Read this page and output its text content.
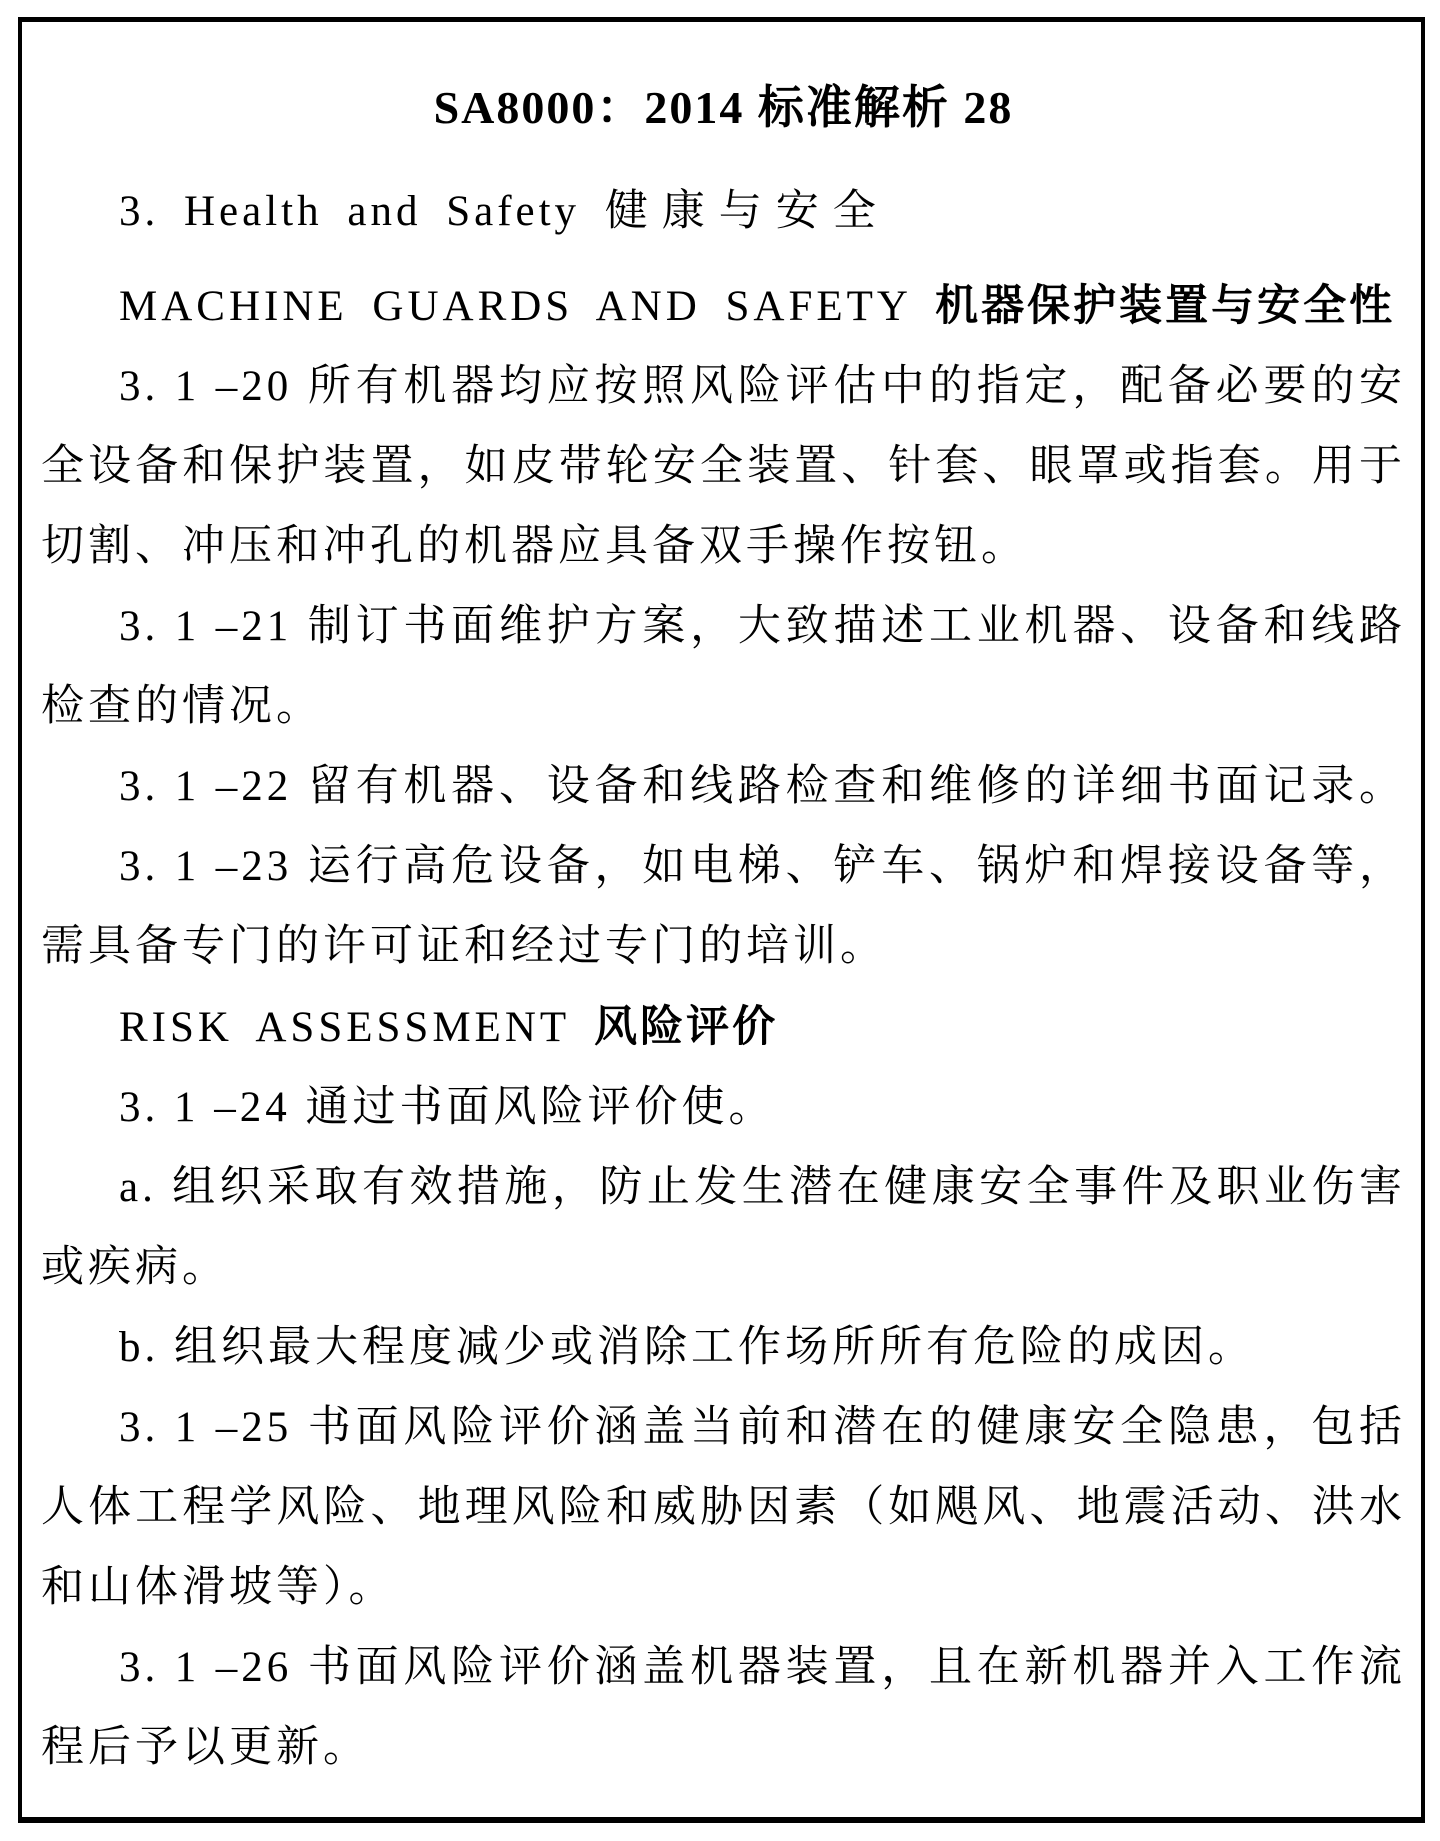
SA8000：2014 标准解析 28
3. Health and Safety 健康与安全
MACHINE GUARDS AND SAFETY 机器保护装置与安全性
3. 1 –20 所有机器均应按照风险评估中的指定，配备必要的安
全设备和保护装置，如皮带轮安全装置、针套、眼罩或指套。用于
切割、冲压和冲孔的机器应具备双手操作按钮。
3. 1 –21 制订书面维护方案，大致描述工业机器、设备和线路
检查的情况。
3. 1 –22 留有机器、设备和线路检查和维修的详细书面记录。
3. 1 –23 运行高危设备，如电梯、铲车、锅炉和焊接设备等，
需具备专门的许可证和经过专门的培训。
RISK ASSESSMENT 风险评价
3. 1 –24 通过书面风险评价使。
a. 组织采取有效措施，防止发生潜在健康安全事件及职业伤害
或疾病。
b. 组织最大程度减少或消除工作场所所有危险的成因。
3. 1 –25 书面风险评价涵盖当前和潜在的健康安全隐患，包括
人体工程学风险、地理风险和威胁因素（如飓风、地震活动、洪水
和山体滑坡等）。
3. 1 –26 书面风险评价涵盖机器装置，且在新机器并入工作流
程后予以更新。
